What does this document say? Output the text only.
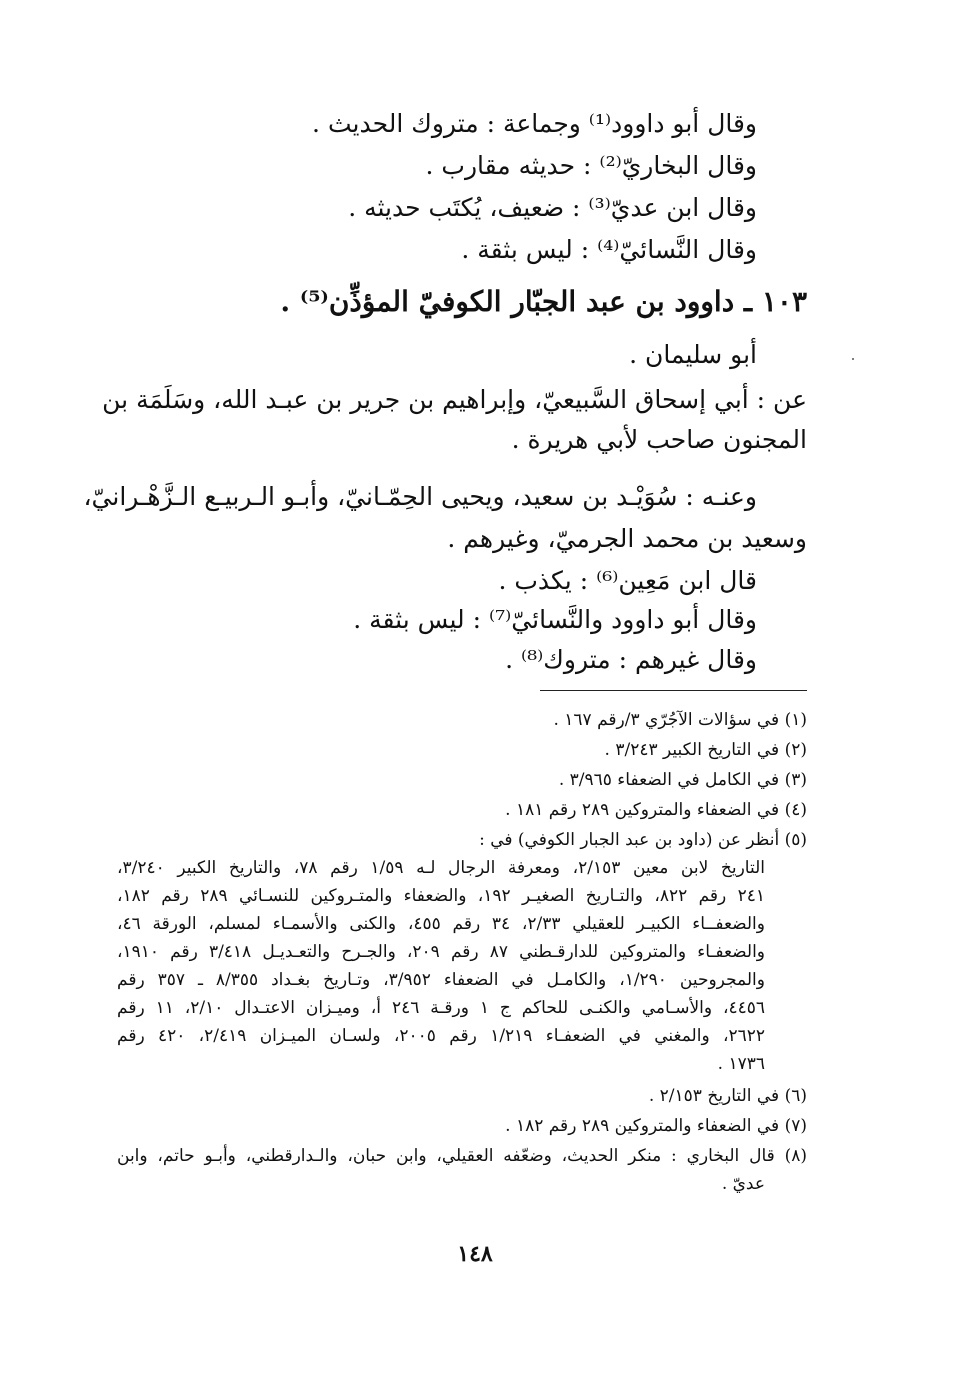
وقال أبو داوود⁽¹⁾ وجماعة : متروك الحديث .
وقال البخاريّ⁽²⁾ : حديثه مقارب .
وقال ابن عديّ⁽³⁾ : ضعيف، يُكتَب حديثه .
وقال النَّسائيّ⁽⁴⁾ : ليس بثقة .
١٠٣ ـ داوود بن عبد الجبّار الكوفيّ المؤذِّن⁽⁵⁾ .
أبو سليمان .
عن : أبي إسحاق السَّبيعيّ، وإبراهيم بن جرير بن عبـد الله، وسَلَمَة بن
المجنون صاحب لأبي هريرة .
وعنـه : سُوَيْـد بن سعيد، ويحيى الحِمّـانيّ، وأبـو الـربيـع الـزَّهْـرانيّ،
وسعيد بن محمد الجرميّ، وغيرهم .
قال ابن مَعِين⁽⁶⁾ : يكذب .
وقال أبو داوود والنَّسائيّ⁽⁷⁾ : ليس بثقة .
وقال غيرهم : متروك⁽⁸⁾ .
(١) في سؤالات الآجُرّي ٣/رقم ١٦٧ .
(٢) في التاريخ الكبير ٣/٢٤٣ .
(٣) في الكامل في الضعفاء ٣/٩٦٥ .
(٤) في الضعفاء والمتروكين ٢٨٩ رقم ١٨١ .
(٥) أنظر عن (داود بن عبد الجبار الكوفي) في :
التاريخ لابن معين ٢/١٥٣، ومعرفة الرجال لـه ١/٥٩ رقم ٧٨، والتاريخ الكبير ٣/٢٤٠،
٢٤١ رقم ٨٢٢، والتـاريخ الصغيـر ١٩٢، والضعفاء والمتـروكين للنسـائي ٢٨٩ رقم ١٨٢،
والضعفــاء الكبيـر للعقيلي ٢/٣٣، ٣٤ رقم ٤٥٥، والكنى والأسمـاء لمسلم، الورقة ٤٦،
والضعفـاء والمتروكين للدارقـطني ٨٧ رقم ٢٠٩، والجـرح والتعـديـل ٣/٤١٨ رقم ١٩١٠،
والمجروحين ١/٢٩٠، والكامـل في الضعفاء ٣/٩٥٢، وتـاريخ بغـداد ٨/٣٥٥ ـ ٣٥٧ رقم
٤٤٥٦، والأسـامي والكنـى للحاكم ج ١ ورقـة ٢٤٦ أ، وميـزان الاعتـدال ٢/١٠، ١١ رقم
٢٦٢٢، والمغني في الضعفـاء ١/٢١٩ رقم ٢٠٠٥، ولسـان الميـزان ٢/٤١٩، ٤٢٠ رقم
١٧٣٦ .
(٦) في التاريخ ٢/١٥٣ .
(٧) في الضعفاء والمتروكين ٢٨٩ رقم ١٨٢ .
(٨) قال البخاري : منكر الحديث، وضعّفه العقيلي، وابن حبان، والـدارقطني، وأبـو حاتم، وابن
عديّ .
١٤٨
